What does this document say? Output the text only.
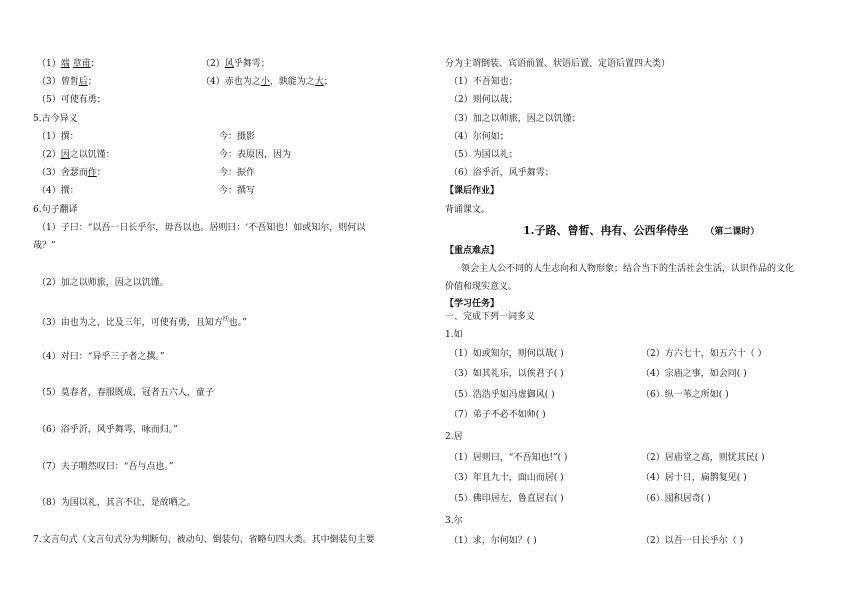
（1）端 章甫；	（2）风乎舞雩；
（3）曾皙后；	（4）赤也为之小，孰能为之大；
（5）可使有勇；
5.古今异义
（1）撰：	今：摄影
（2）因之以饥馑：	今：表原因，因为
（3）舍瑟而作：	今：振作
（4）撰：	今：撰写
6.句子翻译
（1）子曰：“以吾一日长乎尔，毋吾以也。居则曰：‘不吾知也！如或知尔，则何以
哉？”
（2）加之以师旅，因之以饥馑。
（3）由也为之，比及三年，可使有勇，且知方⑼也。”
（4）对曰：“异乎三子者之撰。”
（5）莫春者，春服既成，冠者五六人，童子
（6）浴乎沂，风乎舞雩，咏而归。”
（7）夫子喟然叹曰：“吾与点也。”
（8）为国以礼，其言不让，是故哂之。
7.文言句式（文言句式分为判断句、被动句、倒装句、省略句四大类。其中倒装句主要
分为主谓倒装、宾语前置、状语后置、定语后置四大类）
（1）不吾知也；
（2）则何以哉；
（3）加之以师旅，因之以饥馑；
（4）尔何如；
（5）为国以礼；
（6）浴乎沂，风乎舞雩；
【课后作业】
背诵课文。
1.子路、曾皙、冉有、公西华侍坐 （第二课时）
【重点难点】
领会主人公不同的人生志向和人物形象；结合当下的生活社会生活，认识作品的文化
价值和现实意义。
【学习任务】
一、完成下列一词多义
1.如
（1）如或知尔，则何以哉( )	（2）方六七十，如五六十（ ）
（3）如其礼乐，以俟君子( )	（4）宗庙之事，如会同( )
（5）浩浩乎如冯虚御风( )	（6）纵一苇之所如( )
（7）弟子不必不如师( )
2.居
（1）居则曰，“不吾知也!”( )	（2）居庙堂之高，则忧其民( )
（3）年且九十，面山而居( )	（4）居十日，扁鹊复见( )
（5）佛印居左，鲁直居右( )	（6）囤积居奇( )
3.尔
（1）求，尔何如？( )	（2）以吾一日长乎尔（ )
